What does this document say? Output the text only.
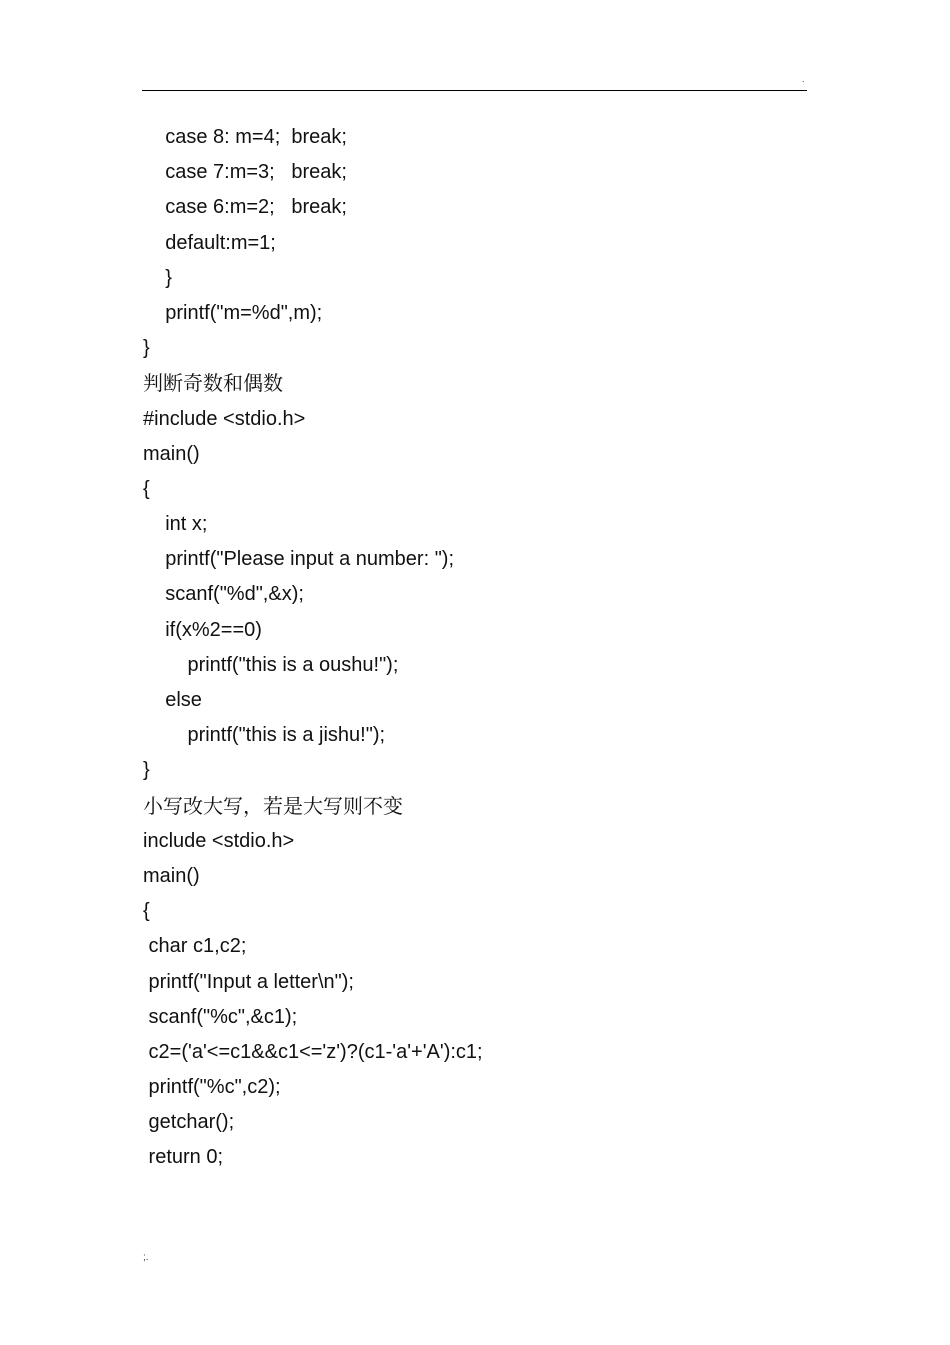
.
case 8: m=4;  break;
case 7:m=3;   break;
case 6:m=2;   break;
default:m=1;
}
printf("m=%d",m);
}
判断奇数和偶数
#include <stdio.h>
main()
{
int x;
printf("Please input a number: ");
scanf("%d",&x);
if(x%2==0)
printf("this is a oushu!");
else
printf("this is a jishu!");
}
小写改大写，若是大写则不变
include <stdio.h>
main()
{
char c1,c2;
printf("Input a letter\n");
scanf("%c",&c1);
c2=('a'<=c1&&c1<='z')?(c1-'a'+'A'):c1;
printf("%c",c2);
getchar();
return 0;
;.
